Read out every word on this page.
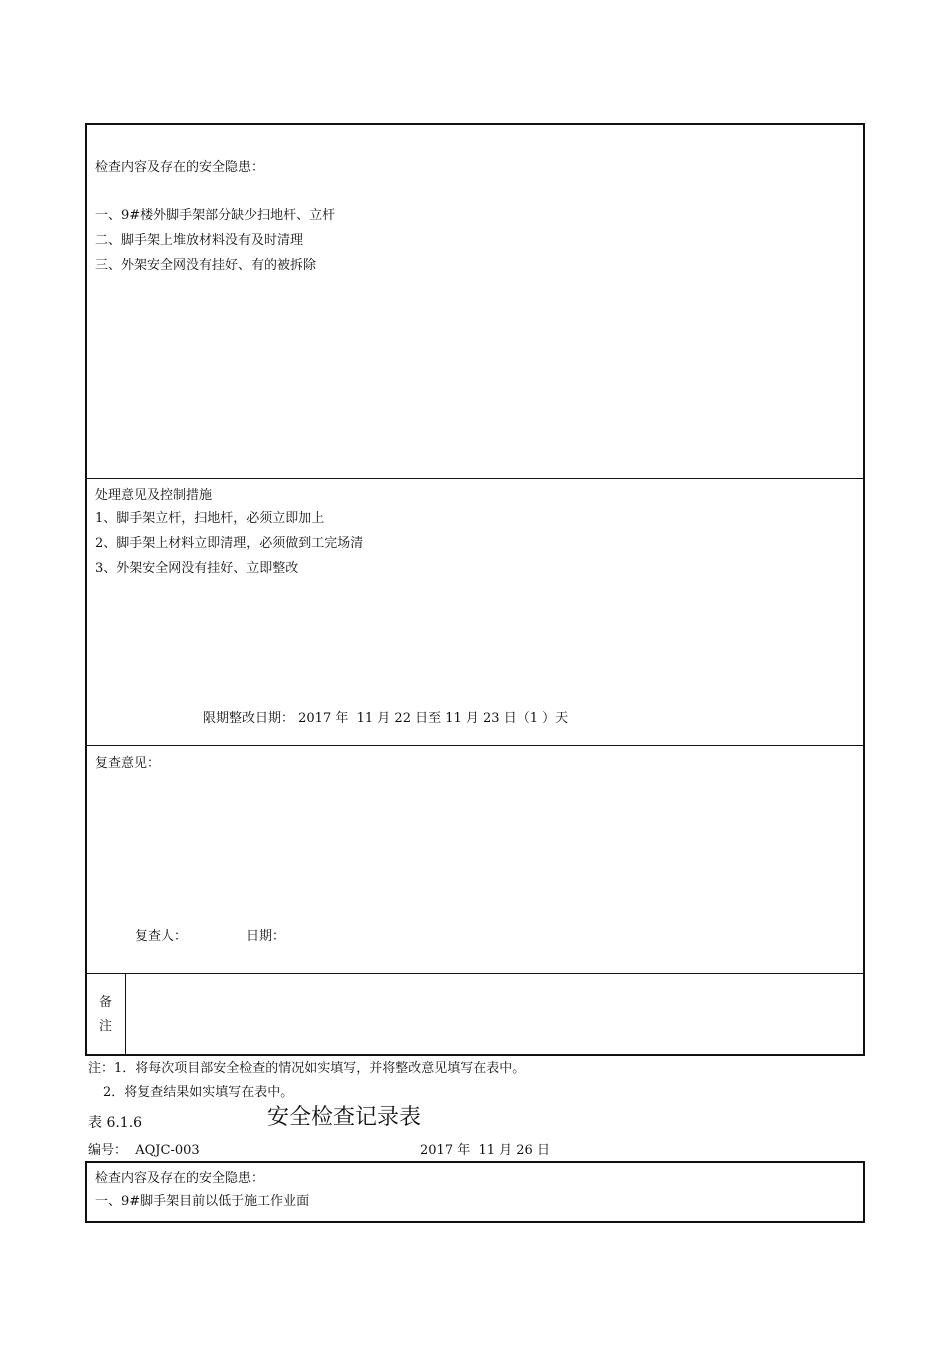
检查内容及存在的安全隐患：
一、9#楼外脚手架部分缺少扫地杆、立杆
二、脚手架上堆放材料没有及时清理
三、外架安全网没有挂好、有的被拆除
处理意见及控制措施
1、脚手架立杆，扫地杆，必须立即加上
2、脚手架上材料立即清理，必须做到工完场清
3、外架安全网没有挂好、立即整改
限期整改日期： 2017 年  11 月 22 日至 11 月 23 日（1 ）天
复查意见：
复查人：	日期：
备
注
注：1．将每次项目部安全检查的情况如实填写，并将整改意见填写在表中。
2．将复查结果如实填写在表中。
表 6.1.6	安全检查记录表
编号：  AQJC-003	2017 年  11 月 26 日
检查内容及存在的安全隐患：
一、9#脚手架目前以低于施工作业面
